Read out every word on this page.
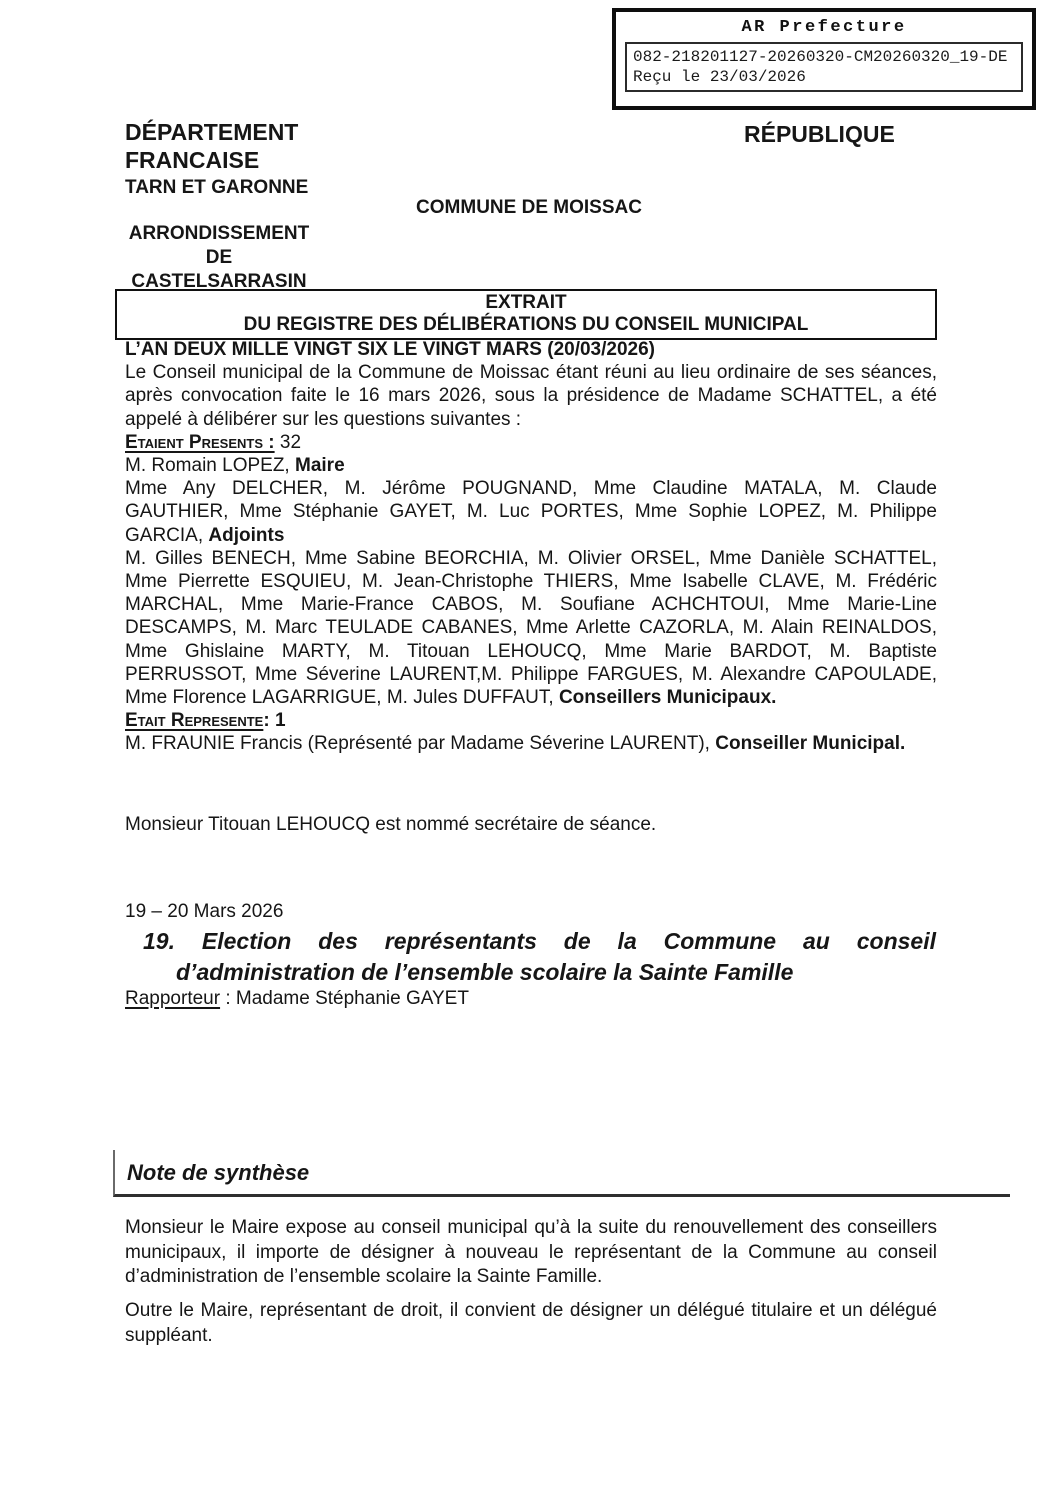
AR Prefecture
082-218201127-20260320-CM20260320_19-DE
Reçu le 23/03/2026
DÉPARTEMENT
FRANCAISE
TARN ET GARONNE
RÉPUBLIQUE
COMMUNE DE MOISSAC
ARRONDISSEMENT
DE
CASTELSARRASIN
EXTRAIT
DU REGISTRE DES DÉLIBÉRATIONS DU CONSEIL MUNICIPAL
L’AN DEUX MILLE VINGT SIX LE VINGT MARS (20/03/2026)
Le Conseil municipal de la Commune de Moissac étant réuni au lieu ordinaire de ses séances,
après convocation faite le 16 mars 2026, sous la présidence de Madame SCHATTEL, a été
appelé à délibérer sur les questions suivantes :
Etaient Presents : 32
M. Romain LOPEZ, Maire
Mme Any DELCHER, M. Jérôme POUGNAND, Mme Claudine MATALA, M. Claude
GAUTHIER, Mme Stéphanie GAYET, M. Luc PORTES, Mme Sophie LOPEZ, M. Philippe
GARCIA, Adjoints
M. Gilles BENECH, Mme Sabine BEORCHIA, M. Olivier ORSEL, Mme Danièle SCHATTEL,
Mme Pierrette ESQUIEU, M. Jean-Christophe THIERS, Mme Isabelle CLAVE, M. Frédéric
MARCHAL, Mme Marie-France CABOS, M. Soufiane ACHCHTOUI, Mme Marie-Line
DESCAMPS, M. Marc TEULADE CABANES, Mme Arlette CAZORLA, M. Alain REINALDOS,
Mme Ghislaine MARTY, M. Titouan LEHOUCQ, Mme Marie BARDOT, M. Baptiste
PERRUSSOT, Mme Séverine LAURENT,M. Philippe FARGUES, M. Alexandre CAPOULADE,
Mme Florence LAGARRIGUE, M. Jules DUFFAUT, Conseillers Municipaux.
Etait Represente: 1
M. FRAUNIE Francis (Représenté par Madame Séverine LAURENT), Conseiller Municipal.
Monsieur Titouan LEHOUCQ est nommé secrétaire de séance.
19 – 20 Mars 2026
19. Election des représentants de la Commune au conseil
d’administration de l’ensemble scolaire la Sainte Famille
Rapporteur : Madame Stéphanie GAYET
Note de synthèse
Monsieur le Maire expose au conseil municipal qu’à la suite du renouvellement des conseillers
municipaux, il importe de désigner à nouveau le représentant de la Commune au conseil
d’administration de l’ensemble scolaire la Sainte Famille.
Outre le Maire, représentant de droit, il convient de désigner un délégué titulaire et un délégué
suppléant.
